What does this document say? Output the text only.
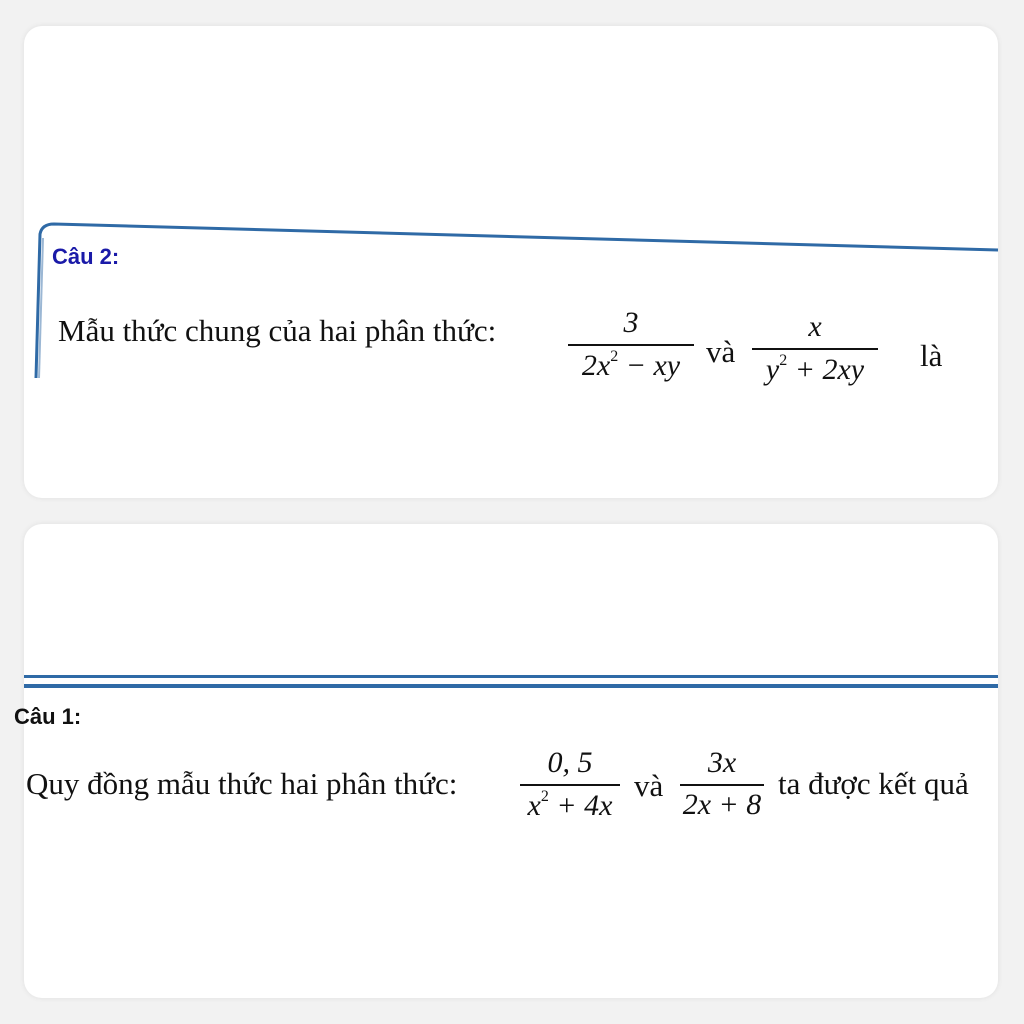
Câu 2:
Mẫu thức chung của hai phân thức: $\frac{3}{2x^2 - xy}$ và $\frac{x}{y^2 + 2xy}$ là
Câu 1:
Quy đồng mẫu thức hai phân thức: $\frac{0, 5}{x^2 + 4x}$ và $\frac{3x}{2x + 8}$ ta được kết quả
